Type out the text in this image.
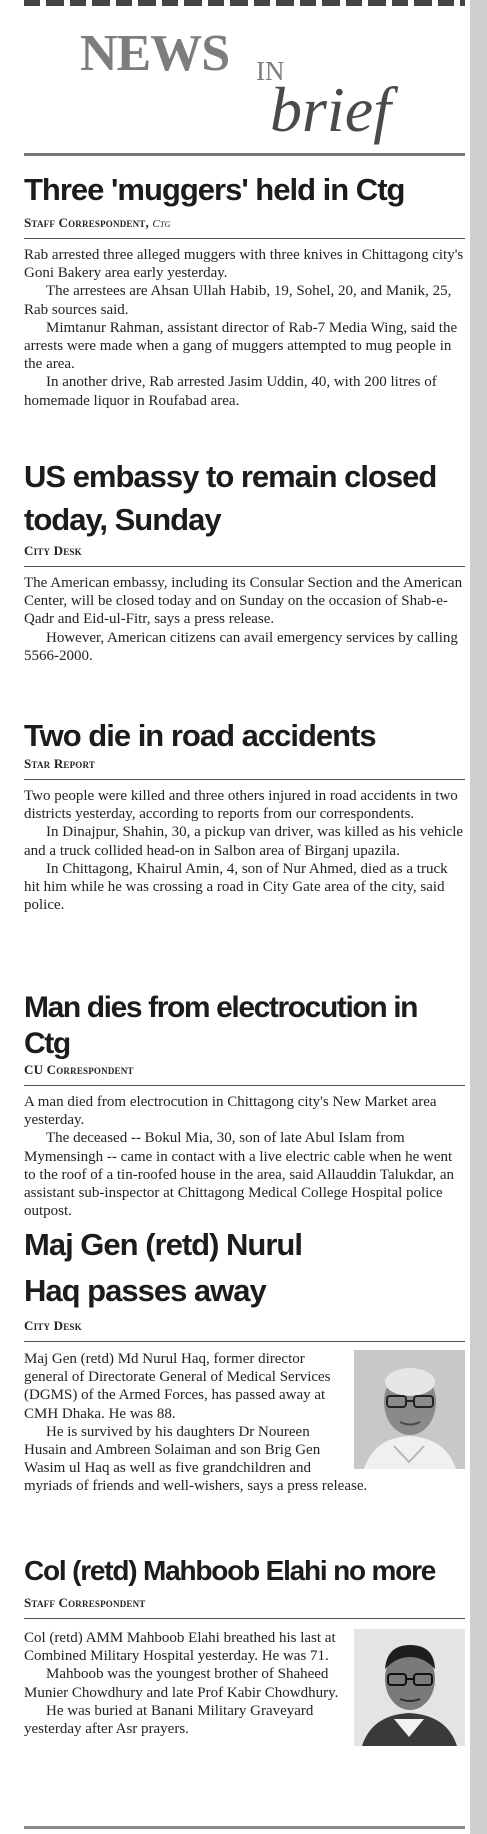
NEWS IN
brief
Three 'muggers' held in Ctg
Staff Correspondent, Ctg

Rab arrested three alleged muggers with three knives in Chittagong city's Goni Bakery area early yesterday.

The arrestees are Ahsan Ullah Habib, 19, Sohel, 20, and Manik, 25, Rab sources said.

Mimtanur Rahman, assistant director of Rab-7 Media Wing, said the arrests were made when a gang of muggers attempted to mug people in the area.

In another drive, Rab arrested Jasim Uddin, 40, with 200 litres of homemade liquor in Roufabad area.

US embassy to remain closed today, Sunday
City Desk

The American embassy, including its Consular Section and the American Center, will be closed today and on Sunday on the occasion of Shab-e-Qadr and Eid-ul-Fitr, says a press release.

However, American citizens can avail emergency services by calling 5566-2000.

Two die in road accidents
Star Report

Two people were killed and three others injured in road accidents in two districts yesterday, according to reports from our correspondents.

In Dinajpur, Shahin, 30, a pickup van driver, was killed as his vehicle and a truck collided head-on in Salbon area of Birganj upazila.

In Chittagong, Khairul Amin, 4, son of Nur Ahmed, died as a truck hit him while he was crossing a road in City Gate area of the city, said police.

Man dies from electrocution in Ctg
CU Correspondent

A man died from electrocution in Chittagong city's New Market area yesterday.

The deceased -- Bokul Mia, 30, son of late Abul Islam from Mymensingh -- came in contact with a live electric cable when he went to the roof of a tin-roofed house in the area, said Allauddin Talukdar, an assistant sub-inspector at Chittagong Medical College Hospital police outpost.

Maj Gen (retd) Nurul Haq passes away
City Desk

Maj Gen (retd) Md Nurul Haq, former director general of Directorate General of Medical Services (DGMS) of the Armed Forces, has passed away at CMH Dhaka. He was 88.

He is survived by his daughters Dr Noureen Husain and Ambreen Solaiman and son Brig Gen Wasim ul Haq as well as five grandchildren and myriads of friends and well-wishers, says a press release.

Col (retd) Mahboob Elahi no more
Staff Correspondent

Col (retd) AMM Mahboob Elahi breathed his last at Combined Military Hospital yesterday. He was 71.

Mahboob was the youngest brother of Shaheed Munier Chowdhury and late Prof Kabir Chowdhury.

He was buried at Banani Military Graveyard yesterday after Asr prayers.
